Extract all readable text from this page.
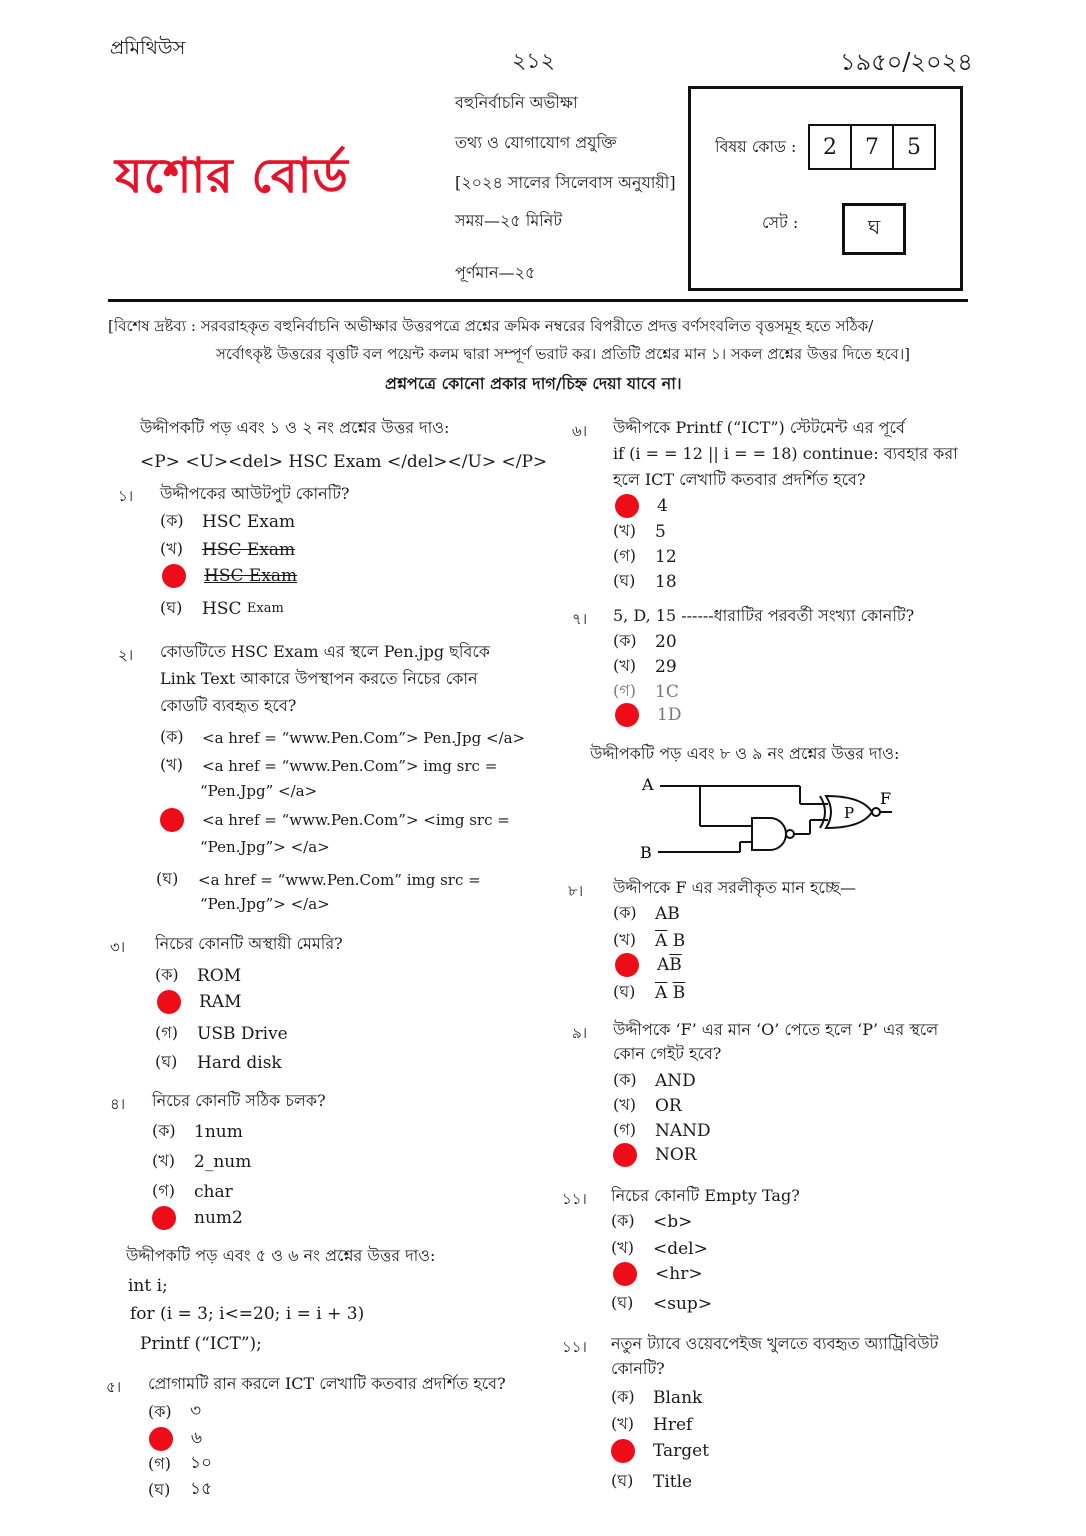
প্রমিথিউস
২১২	১৯৫০/২০২৪
যশোর বোর্ড
বহুনির্বাচনি অভীক্ষা
তথ্য ও যোগাযোগ প্রযুক্তি
[২০২৪ সালের সিলেবাস অনুযায়ী]
সময়—২৫ মিনিট
পূর্ণমান—২৫
বিষয় কোড :	2	7	5
সেট :	ঘ
[বিশেষ দ্রষ্টব্য : সরবরাহকৃত বহুনির্বাচনি অভীক্ষার উত্তরপত্রে প্রশ্নের ক্রমিক নম্বরের বিপরীতে প্রদত্ত বর্ণসংবলিত বৃত্তসমূহ হতে সঠিক/
সর্বোৎকৃষ্ট উত্তরের বৃত্তটি বল পয়েন্ট কলম দ্বারা সম্পূর্ণ ভরাট কর। প্রতিটি প্রশ্নের মান ১। সকল প্রশ্নের উত্তর দিতে হবে।]
প্রশ্নপত্রে কোনো প্রকার দাগ/চিহ্ন দেয়া যাবে না।
উদ্দীপকটি পড় এবং ১ ও ২ নং প্রশ্নের উত্তর দাও:
<P> <U><del> HSC Exam </del></U> </P>
১। উদ্দীপকের আউটপুট কোনটি?
(ক)	HSC Exam
(খ)	HSC Exam
HSC Exam
(ঘ)	HSC
Exam
২। কোডটিতে HSC Exam এর স্থলে Pen.jpg ছবিকে
Link Text আকারে উপস্থাপন করতে নিচের কোন
কোডটি ব্যবহৃত হবে?
(ক)	<a href = “www.Pen.Com”> Pen.Jpg </a>
(খ)	<a href = “www.Pen.Com”> img src =
“Pen.Jpg” </a>
<a href = “www.Pen.Com”> <img src =
“Pen.Jpg”> </a>
(ঘ)	<a href = “www.Pen.Com” img src =
“Pen.Jpg”> </a>
৩। নিচের কোনটি অস্থায়ী মেমরি?
(ক)	ROM
RAM
(গ)	USB Drive
(ঘ)	Hard disk
৪। নিচের কোনটি সঠিক চলক?
(ক)	1num
(খ)	2_num
(গ)	char
num2
উদ্দীপকটি পড় এবং ৫ ও ৬ নং প্রশ্নের উত্তর দাও:
int i;
for (i = 3; i<=20; i = i + 3)
Printf (“ICT”);
৫। প্রোগামটি রান করলে ICT লেখাটি কতবার প্রদর্শিত হবে?
(ক)	৩
৬
(গ)	১০
(ঘ)	১৫
৬। উদ্দীপকে Printf (“ICT”) স্টেটমেন্ট এর পূর্বে
if (i = = 12 || i = = 18) continue: ব্যবহার করা
হলে ICT লেখাটি কতবার প্রদর্শিত হবে?
4
(খ)	5
(গ)	12
(ঘ)	18
৭। 5, D, 15 ------ধারাটির পরবর্তী সংখ্যা কোনটি?
(ক)	20
(খ)	29
(গ)	1C
1D
উদ্দীপকটি পড় এবং ৮ ও ৯ নং প্রশ্নের উত্তর দাও:
A
B
P
F
৮। উদ্দীপকে F এর সরলীকৃত মান হচ্ছে—
(ক)	AB
(খ)	$\overline{A}$
B
A $\overline{B}$
(ঘ)	$\overline{A}$
$\overline{B}$
৯। উদ্দীপকে ‘F’ এর মান ‘O’ পেতে হলে ‘P’ এর স্থলে
কোন গেইট হবে?
(ক)	AND
(খ)	OR
(গ)	NAND
NOR
১১। নিচের কোনটি Empty Tag?
(ক)	<b>
(খ)	<del>
<hr>
(ঘ)	<sup>
১১। নতুন ট্যাবে ওয়েবপেইজ খুলতে ব্যবহৃত অ্যাট্রিবিউট
কোনটি?
(ক)	Blank
(খ)	Href
Target
(ঘ)	Title
